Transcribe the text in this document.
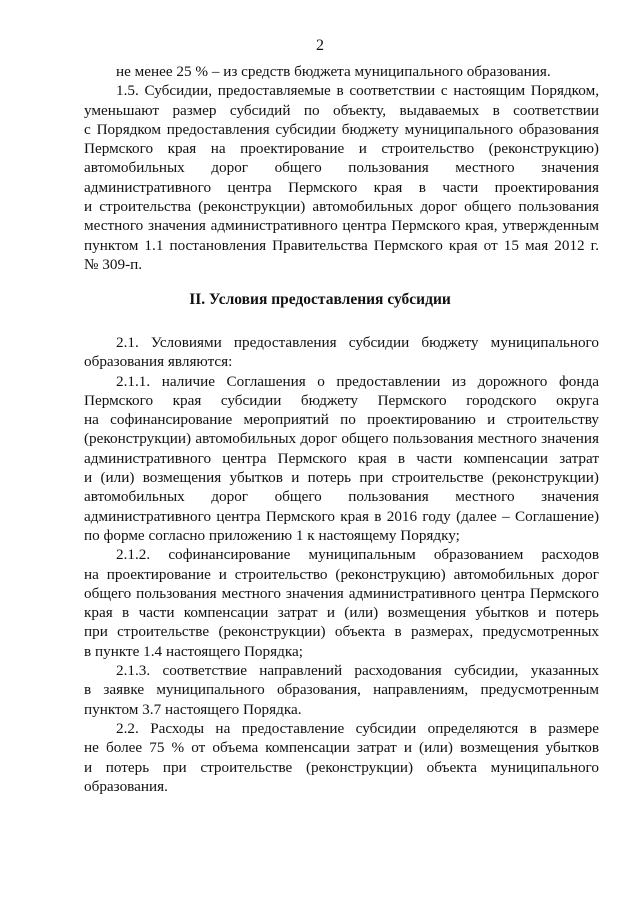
2
не менее 25 % – из средств бюджета муниципального образования.
1.5. Субсидии, предоставляемые в соответствии с настоящим Порядком,
уменьшают размер субсидий по объекту, выдаваемых в соответствии
с Порядком предоставления субсидии бюджету муниципального образования
Пермского края на проектирование и строительство (реконструкцию)
автомобильных дорог общего пользования местного значения
административного центра Пермского края в части проектирования
и строительства (реконструкции) автомобильных дорог общего пользования
местного значения административного центра Пермского края, утвержденным
пунктом 1.1 постановления Правительства Пермского края от 15 мая 2012 г.
№ 309-п.
II. Условия предоставления субсидии
2.1. Условиями предоставления субсидии бюджету муниципального
образования являются:
2.1.1. наличие Соглашения о предоставлении из дорожного фонда
Пермского края субсидии бюджету Пермского городского округа
на софинансирование мероприятий по проектированию и строительству
(реконструкции) автомобильных дорог общего пользования местного значения
административного центра Пермского края в части компенсации затрат
и (или) возмещения убытков и потерь при строительстве (реконструкции)
автомобильных дорог общего пользования местного значения
административного центра Пермского края в 2016 году (далее – Соглашение)
по форме согласно приложению 1 к настоящему Порядку;
2.1.2. софинансирование муниципальным образованием расходов
на проектирование и строительство (реконструкцию) автомобильных дорог
общего пользования местного значения административного центра Пермского
края в части компенсации затрат и (или) возмещения убытков и потерь
при строительстве (реконструкции) объекта в размерах, предусмотренных
в пункте 1.4 настоящего Порядка;
2.1.3. соответствие направлений расходования субсидии, указанных
в заявке муниципального образования, направлениям, предусмотренным
пунктом 3.7 настоящего Порядка.
2.2. Расходы на предоставление субсидии определяются в размере
не более 75 % от объема компенсации затрат и (или) возмещения убытков
и потерь при строительстве (реконструкции) объекта муниципального
образования.
